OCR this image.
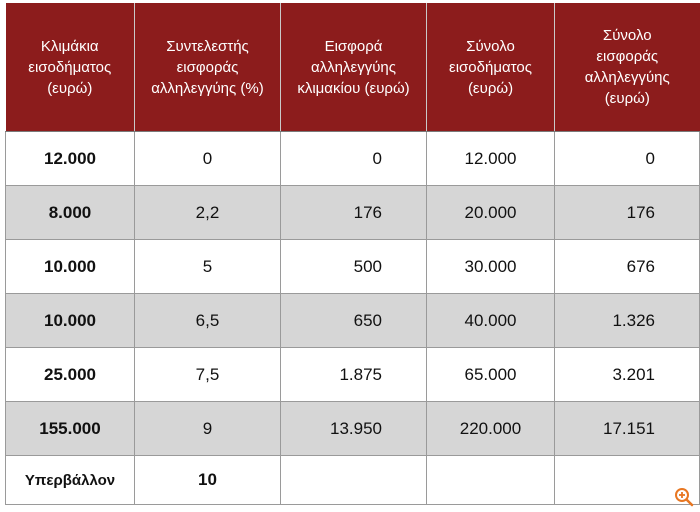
Κλιμάκια
εισοδήματος
(ευρώ)	Συντελεστής
εισφοράς
αλληλεγγύης (%)	Εισφορά
αλληλεγγύης
κλιμακίου (ευρώ)	Σύνολο
εισοδήματος
(ευρώ)	Σύνολο
εισφοράς
αλληλεγγύης
(ευρώ)

12.000	0	0	12.000	0
8.000	2,2	176	20.000	176
10.000	5	500	30.000	676
10.000	6,5	650	40.000	1.326
25.000	7,5	1.875	65.000	3.201
155.000	9	13.950	220.000	17.151
Υπερβάλλον	10			
